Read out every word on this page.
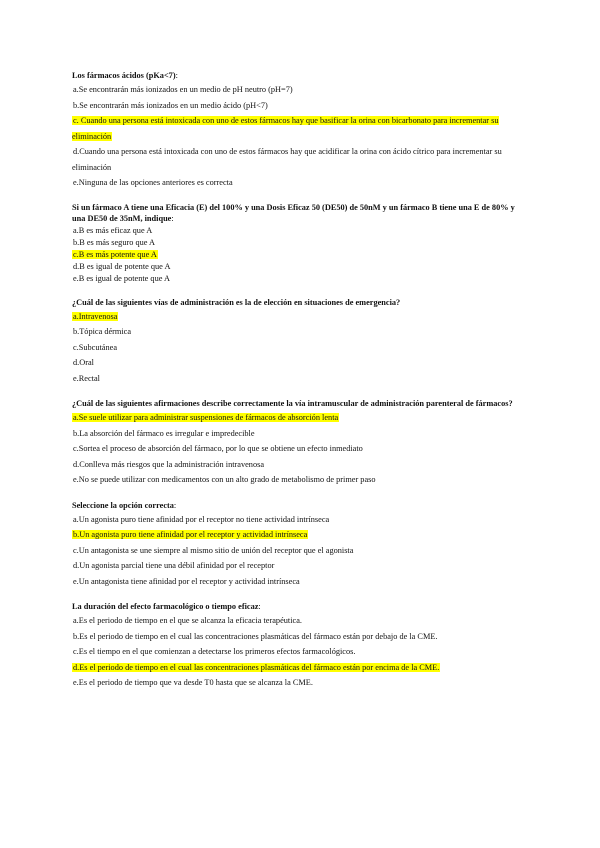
Los fármacos ácidos (pKa<7):

a.Se encontrarán más ionizados en un medio de pH neutro (pH=7)

b.Se encontrarán más ionizados en un medio ácido (pH<7)

c. Cuando una persona está intoxicada con uno de estos fármacos hay que basificar la orina con bicarbonato para incrementar su eliminación

d.Cuando una persona está intoxicada con uno de estos fármacos hay que acidificar la orina con ácido cítrico para incrementar su eliminación

e.Ninguna de las opciones anteriores es correcta

Si un fármaco A tiene una Eficacia (E) del 100% y una Dosis Eficaz 50 (DE50) de 50nM y un fármaco B tiene una E de 80% y una DE50 de 35nM, indique:

a.B es más eficaz que A

b.B es más seguro que A

c.B es más potente que A

d.B es igual de potente que A

e.B es igual de potente que A

¿Cuál de las siguientes vías de administración es la de elección en situaciones de emergencia?

a.Intravenosa

b.Tópica dérmica

c.Subcutánea

d.Oral

e.Rectal

¿Cuál de las siguientes afirmaciones describe correctamente la vía intramuscular de administración parenteral de fármacos?

a.Se suele utilizar para administrar suspensiones de fármacos de absorción lenta

b.La absorción del fármaco es irregular e impredecible

c.Sortea el proceso de absorción del fármaco, por lo que se obtiene un efecto inmediato

d.Conlleva más riesgos que la administración intravenosa

e.No se puede utilizar con medicamentos con un alto grado de metabolismo de primer paso

Seleccione la opción correcta:

a.Un agonista puro tiene afinidad por el receptor no tiene actividad intrínseca

b.Un agonista puro tiene afinidad por el receptor y actividad intrínseca

c.Un antagonista se une siempre al mismo sitio de unión del receptor que el agonista

d.Un agonista parcial tiene una débil afinidad por el receptor

e.Un antagonista tiene afinidad por el receptor y actividad intrínseca

La duración del efecto farmacológico o tiempo eficaz:

a.Es el periodo de tiempo en el que se alcanza la eficacia terapéutica.

b.Es el periodo de tiempo en el cual las concentraciones plasmáticas del fármaco están por debajo de la CME.

c.Es el tiempo en el que comienzan a detectarse los primeros efectos farmacológicos.

d.Es el periodo de tiempo en el cual las concentraciones plasmáticas del fármaco están por encima de la CME.

e.Es el periodo de tiempo que va desde T0 hasta que se alcanza la CME.
